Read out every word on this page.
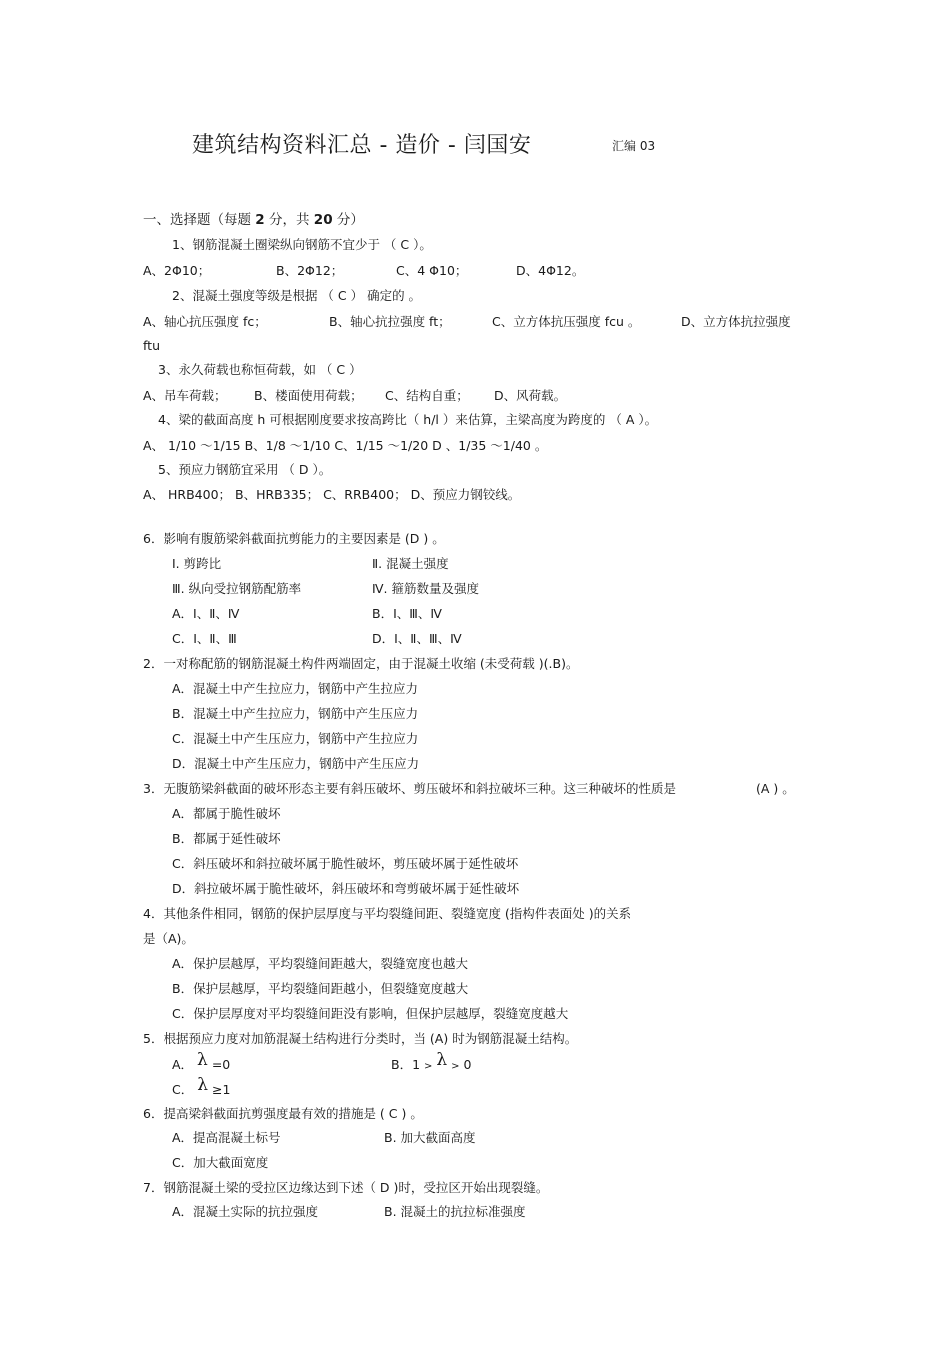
建筑结构资料汇总 - 造价 - 闫国安	汇编 03
一、选择题（每题 2 分，共 20 分）
1、钢筋混凝土圈梁纵向钢筋不宜少于 （ C ）。
A、2Φ10；	B、2Φ12；	C、4 Φ10；	D、4Φ12。
2、混凝土强度等级是根据 （ C ） 确定的 。
A、轴心抗压强度 fc；	B、轴心抗拉强度 ft；	C、立方体抗压强度 fcu 。	D、立方体抗拉强度
ftu
3、永久荷载也称恒荷载，如 （ C ）
A、吊车荷载； B、楼面使用荷载； C、结构自重； D、风荷载。
4、梁的截面高度 h 可根据刚度要求按高跨比（ h/l ）来估算，主梁高度为跨度的 （ A ）。
A、 1/10 ～1/15 B、1/8 ～1/10 C、1/15 ～1/20 D 、1/35 ～1/40 。
5、预应力钢筋宜采用 （ D ）。
A、 HRB400； B、HRB335； C、RRB400； D、预应力钢铰线。
6．影响有腹筋梁斜截面抗剪能力的主要因素是 (D ) 。
Ⅰ. 剪跨比	Ⅱ. 混凝土强度
Ⅲ. 纵向受拉钢筋配筋率	Ⅳ. 箍筋数量及强度
A．Ⅰ、Ⅱ、Ⅳ	B．Ⅰ、Ⅲ、Ⅳ
C．Ⅰ、Ⅱ、Ⅲ	D．Ⅰ、Ⅱ、Ⅲ、Ⅳ
2．一对称配筋的钢筋混凝土构件两端固定，由于混凝土收缩 (未受荷载 )(.B)。
A．混凝土中产生拉应力，钢筋中产生拉应力
B．混凝土中产生拉应力，钢筋中产生压应力
C．混凝土中产生压应力，钢筋中产生拉应力
D．混凝土中产生压应力，钢筋中产生压应力
3．无腹筋梁斜截面的破坏形态主要有斜压破坏、剪压破坏和斜拉破坏三种。这三种破坏的性质是	(A ) 。
A．都属于脆性破坏
B．都属于延性破坏
C．斜压破坏和斜拉破坏属于脆性破坏，剪压破坏属于延性破坏
D．斜拉破坏属于脆性破坏，斜压破坏和弯剪破坏属于延性破坏
4．其他条件相同，钢筋的保护层厚度与平均裂缝间距、裂缝宽度 (指构件表面处 )的关系
是（A)。
A．保护层越厚，平均裂缝间距越大，裂缝宽度也越大
B．保护层越厚，平均裂缝间距越小，但裂缝宽度越大
C．保护层厚度对平均裂缝间距没有影响，但保护层越厚，裂缝宽度越大
5．根据预应力度对加筋混凝土结构进行分类时，当 (A) 时为钢筋混凝土结构。
A． λ =0	B．1 > λ > 0
C． λ ≥1
6．提高梁斜截面抗剪强度最有效的措施是 ( C ) 。
A．提高混凝土标号	B. 加大截面高度
C．加大截面宽度
7．钢筋混凝土梁的受拉区边缘达到下述（ D )时，受拉区开始出现裂缝。
A．混凝土实际的抗拉强度	B. 混凝土的抗拉标准强度
